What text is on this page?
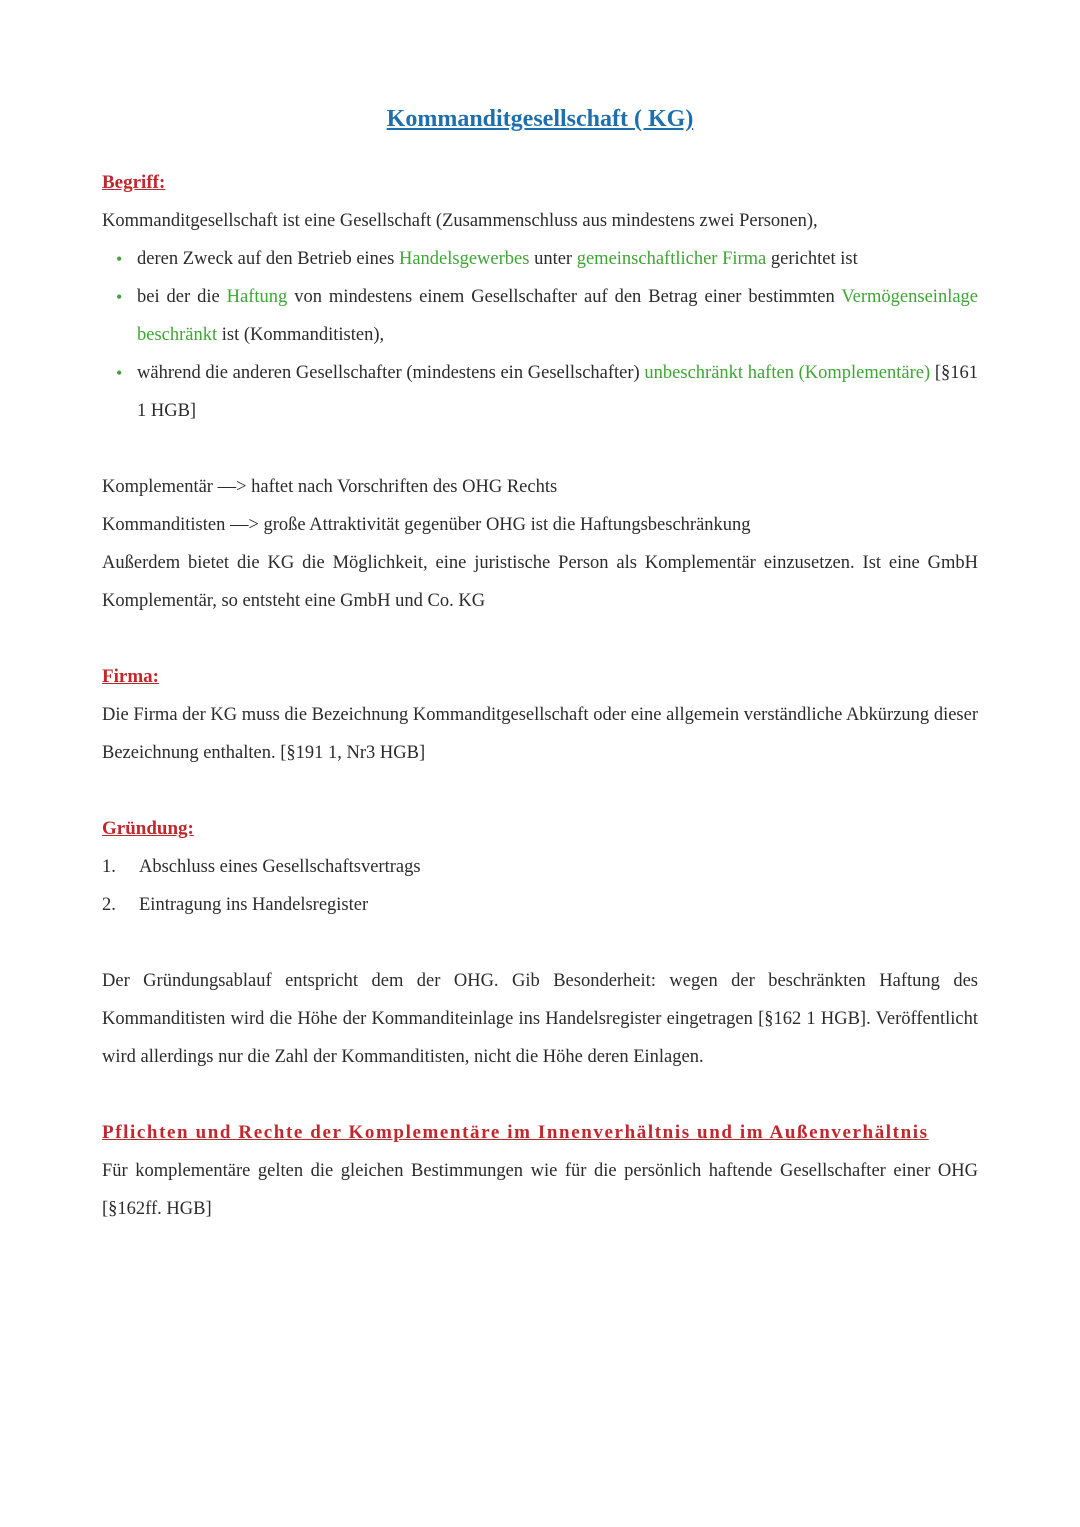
Kommanditgesellschaft ( KG)
Begriff:

Kommanditgesellschaft ist eine Gesellschaft (Zusammenschluss aus mindestens zwei Personen),

• deren Zweck auf den Betrieb eines Handelsgewerbes unter gemeinschaftlicher Firma gerichtet ist
• bei der die Haftung von mindestens einem Gesellschafter auf den Betrag einer bestimmten Vermögenseinlage beschränkt ist (Kommanditisten),
• während die anderen Gesellschafter (mindestens ein Gesellschafter) unbeschränkt haften (Komplementäre) [§161 1 HGB]

Komplementär —> haftet nach Vorschriften des OHG Rechts

Kommanditisten —> große Attraktivität gegenüber OHG ist die Haftungsbeschränkung

Außerdem bietet die KG die Möglichkeit, eine juristische Person als Komplementär einzusetzen. Ist eine GmbH Komplementär, so entsteht eine GmbH und Co. KG

Firma:

Die Firma der KG muss die Bezeichnung Kommanditgesellschaft oder eine allgemein verständliche Abkürzung dieser Bezeichnung enthalten. [§191 1, Nr3 HGB]

Gründung:
1. Abschluss eines Gesellschaftsvertrags
2. Eintragung ins Handelsregister

Der Gründungsablauf entspricht dem der OHG. Gib Besonderheit: wegen der beschränkten Haftung des Kommanditisten wird die Höhe der Kommanditeinlage ins Handelsregister eingetragen [§162 1 HGB]. Veröffentlicht wird allerdings nur die Zahl der Kommanditisten, nicht die Höhe deren Einlagen.

Pflichten und Rechte der Komplementäre im Innenverhältnis und im Außenverhältnis

Für komplementäre gelten die gleichen Bestimmungen wie für die persönlich haftende Gesellschafter einer OHG [§162ff. HGB]
